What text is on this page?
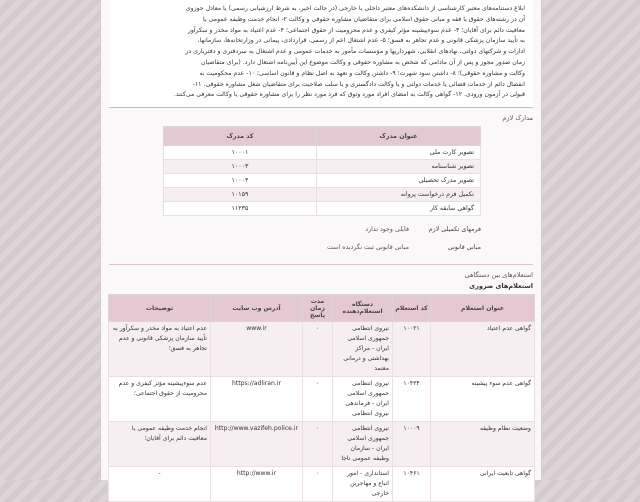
ابلاغ دستنامه‌های معتبر کارشناسی از دانشکده‌های معتبر داخلی یا خارجی (در حالت اخیر، به شرط ارزشیابی رسمی) یا معادل حوزوی
آن در رشته‌های حقوق یا فقه و مبانی حقوق اسلامی برای متقاضیان مشاوره حقوقی و وکالت ۲- انجام خدمت وظیفه عمومی یا
معافیت دائم برای آقایان؛ ۳- عدم سوءپیشینه مؤثر کیفری و عدم محرومیت از حقوق اجتماعی؛ ۴- عدم اعتیاد به مواد مخدر و سکرآور
به تأیید سازمان پزشکی قانونی و عدم تجاهر به فسق؛ ۵- عدم اشتغال اعم از رسمی، قراردادی، پیمانی در وزارتخانه‌ها، سازمانها،
ادارات و شرکتهای دولتی، نهادهای انقلابی، شهرداریها و مؤسسات مأمور به خدمات عمومی و عدم اشتغال به سردفتری و دفتریاری در
زمان صدور مجوز و پس از آن مادامی که شخص به مشاوره حقوقی و وکالت موضوع این آیین‌نامه اشتغال دارد. (برای متقاضیان
وکالت و مشاوره حقوقی)؛ ۸- داشتن سود شهرت؛ ۹- داشتن وکالت و تعهد به اصل نظام و قانون اساسی؛ ۱۰- عدم محکومیت به
انفصال دائم از خدمات قضائی یا خدمات دولتی و یا وکالت دادگستری و یا سلب صلاحیت برای متقاضیان شغل مشاوره حقوقی. ۱۱-
قبولی در آزمون ورودی. ۱۲- گواهی وکالت به امضای افراد مورد وثوق که فرد مورد نظر را برای مشاوره حقوقی یا وکالت معرفی می‌کنند.
مدارک لازم
عنوان مدرک	کد مدرک
تصویر کارت ملی	۱۰۰۰۱
تصویر شناسنامه	۱۰۰۰۳
تصویر مدرک تحصیلی	۱۰۰۰۴
تکمیل فرم درخواست پروانه	۱۰۱۵۹
گواهی سابقه کار	۱۱۲۳۵
فرمهای تکمیلی لازم
فایلی وجود ندارد
مبانی قانونی
مبانی قانونی ثبت نگردیده است
استعلام‌های بین دستگاهی
استعلام‌های ضروری
عنوان استعلام	کد استعلام	دستگاه استعلام‌دهنده	مدت زمان پاسخ	آدرس وب سایت	توضیحات
گواهی عدم اعتیاد	۱۰۰۲۱	نیروی انتظامی جمهوری اسلامی ایران - مراکز بهداشتی و درمانی معتمد	۰	www.ir	عدم اعتیاد به مواد مخدر و سکرآور به تأیید سازمان پزشکی قانونی و عدم تجاهر به فسق؛
گواهی عدم سوء پیشینه	۱۰۴۳۴	نیروی انتظامی جمهوری اسلامی ایران - فرماندهی نیروی انتظامی	۰	https://adliran.ir	عدم سوءپیشینه مؤثر کیفری و عدم محرومیت از حقوق اجتماعی؛
وضعیت نظام وظیفه	۱۰۰۰۹	نیروی انتظامی جمهوری اسلامی ایران - سازمان وظیفه عمومی ناجا	۰	http://www.vazifeh.police.ir	انجام خدمت وظیفه عمومی یا معافیت دائم برای آقایان؛
گواهی تابعیت ایرانی	۱۰۴۶۱	استانداری - امور اتباع و مهاجرین خارجی	۰	http://www.ir	-
